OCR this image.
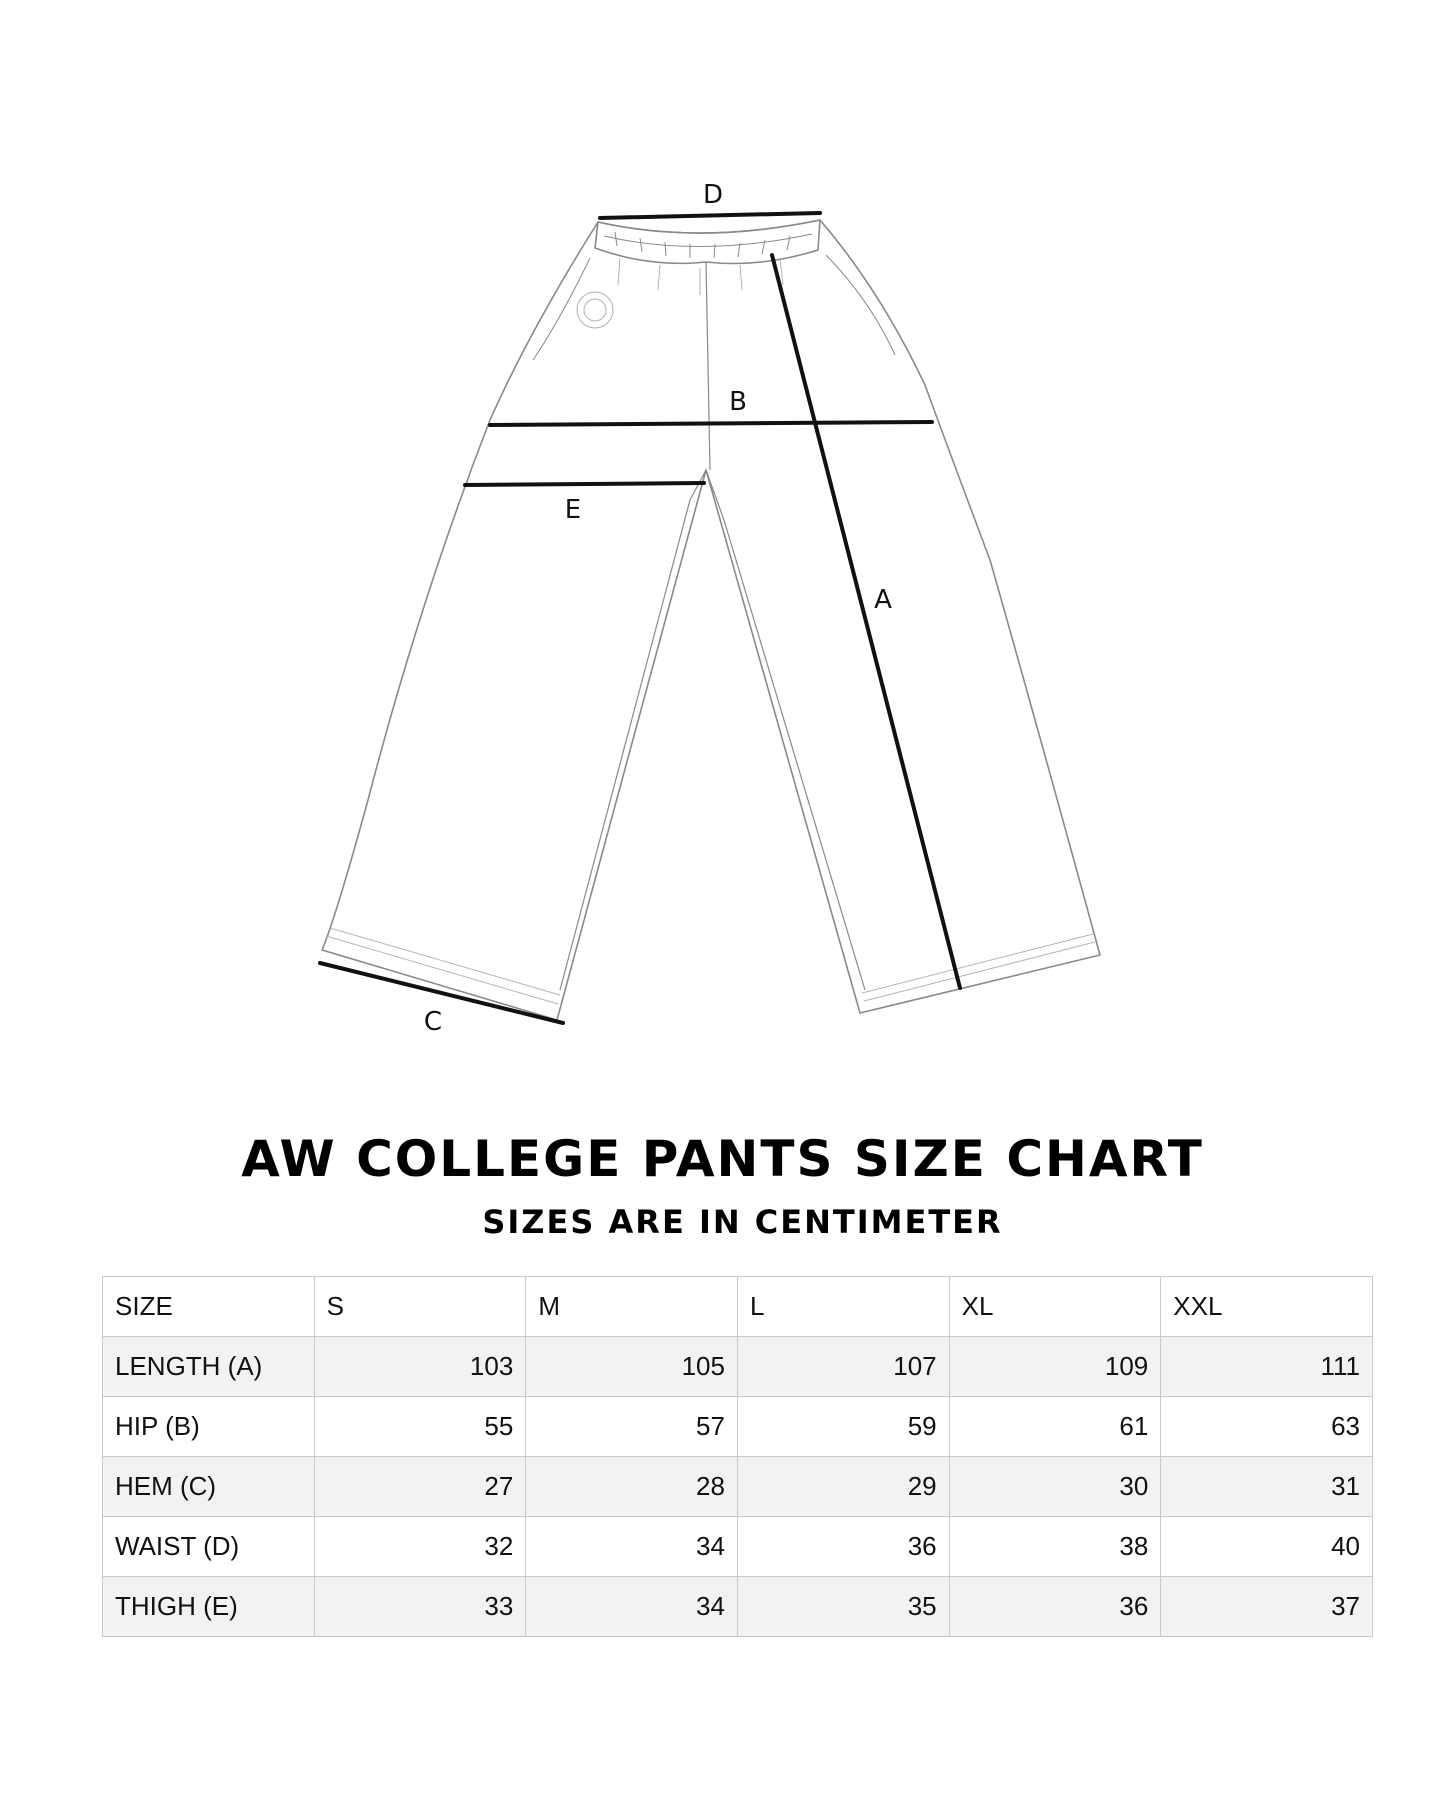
D
B
E
A
C
AW COLLEGE PANTS SIZE CHART
SIZES ARE IN CENTIMETER
SIZE	S	M	L	XL	XXL
LENGTH (A)	103	105	107	109	111
HIP (B)	55	57	59	61	63
HEM (C)	27	28	29	30	31
WAIST (D)	32	34	36	38	40
THIGH (E)	33	34	35	36	37
